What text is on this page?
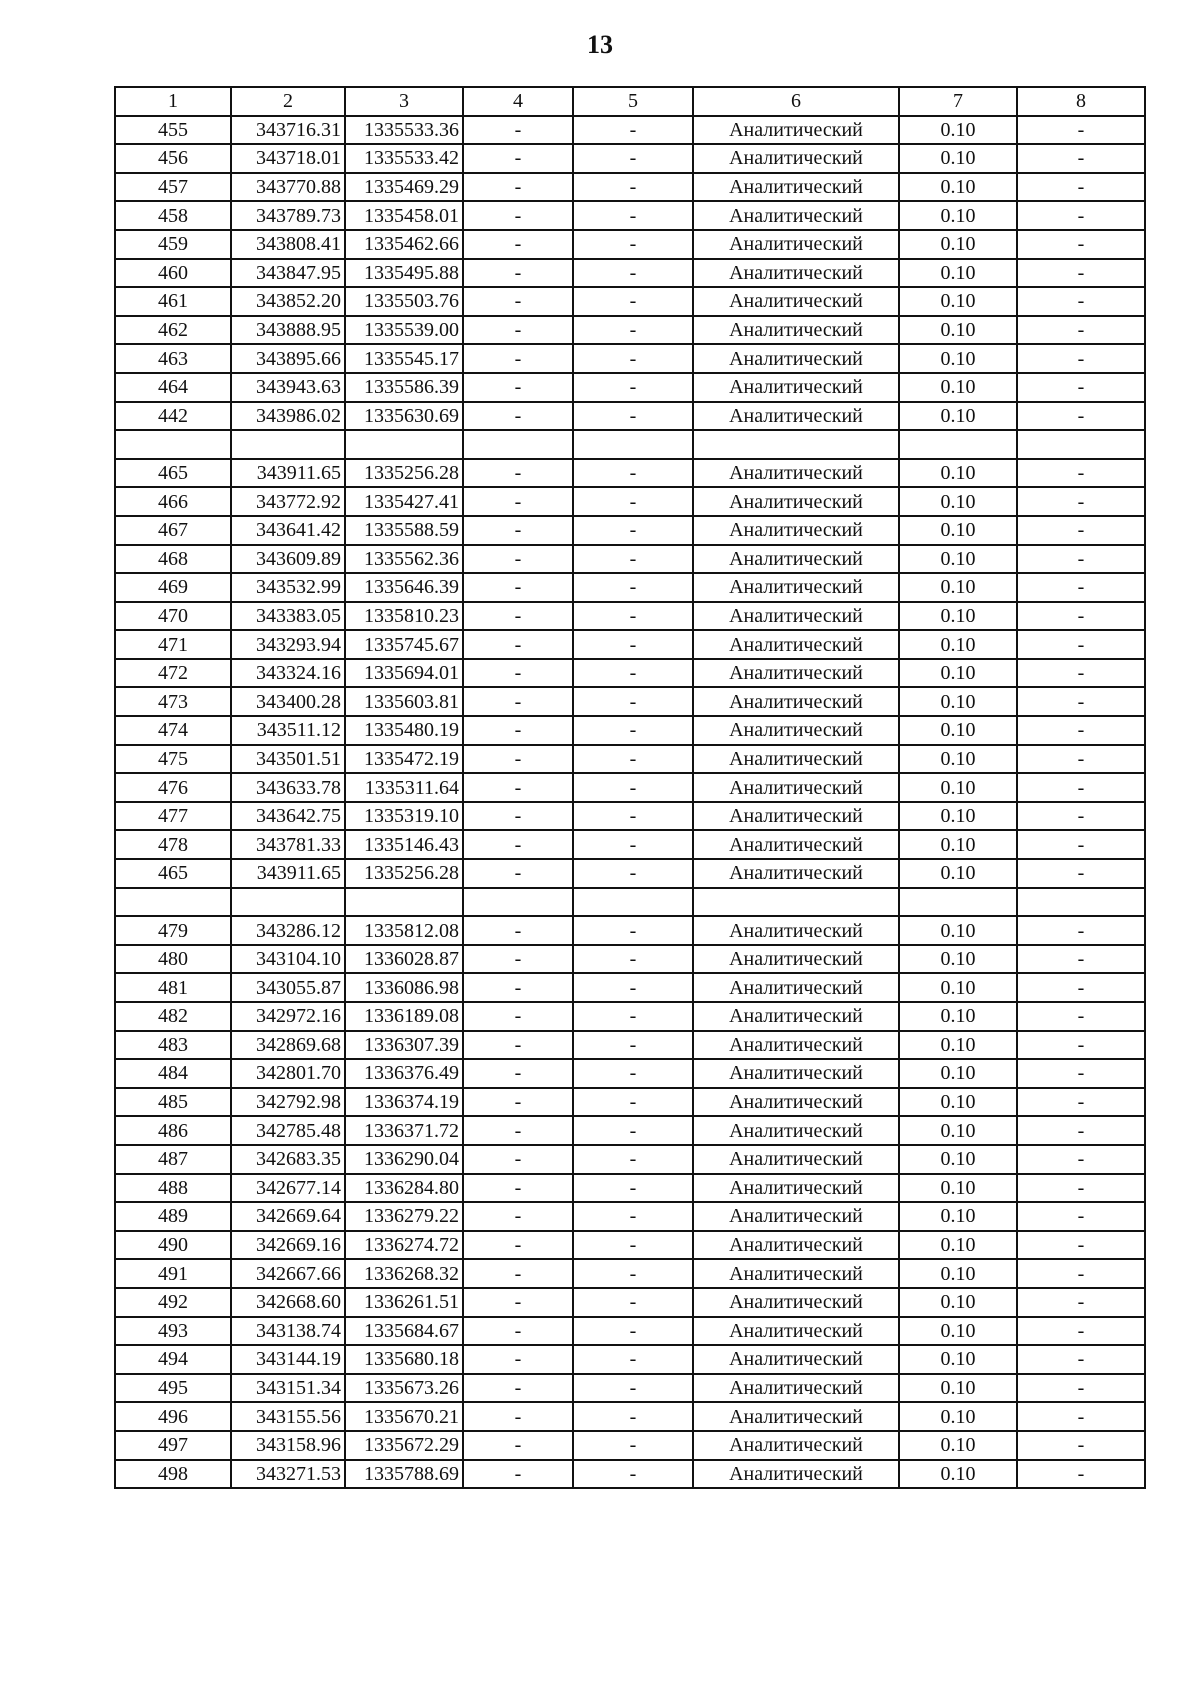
13
1	2	3	4	5	6	7	8
455	343716.31	1335533.36	-	-	Аналитический	0.10	-
456	343718.01	1335533.42	-	-	Аналитический	0.10	-
457	343770.88	1335469.29	-	-	Аналитический	0.10	-
458	343789.73	1335458.01	-	-	Аналитический	0.10	-
459	343808.41	1335462.66	-	-	Аналитический	0.10	-
460	343847.95	1335495.88	-	-	Аналитический	0.10	-
461	343852.20	1335503.76	-	-	Аналитический	0.10	-
462	343888.95	1335539.00	-	-	Аналитический	0.10	-
463	343895.66	1335545.17	-	-	Аналитический	0.10	-
464	343943.63	1335586.39	-	-	Аналитический	0.10	-
442	343986.02	1335630.69	-	-	Аналитический	0.10	-

465	343911.65	1335256.28	-	-	Аналитический	0.10	-
466	343772.92	1335427.41	-	-	Аналитический	0.10	-
467	343641.42	1335588.59	-	-	Аналитический	0.10	-
468	343609.89	1335562.36	-	-	Аналитический	0.10	-
469	343532.99	1335646.39	-	-	Аналитический	0.10	-
470	343383.05	1335810.23	-	-	Аналитический	0.10	-
471	343293.94	1335745.67	-	-	Аналитический	0.10	-
472	343324.16	1335694.01	-	-	Аналитический	0.10	-
473	343400.28	1335603.81	-	-	Аналитический	0.10	-
474	343511.12	1335480.19	-	-	Аналитический	0.10	-
475	343501.51	1335472.19	-	-	Аналитический	0.10	-
476	343633.78	1335311.64	-	-	Аналитический	0.10	-
477	343642.75	1335319.10	-	-	Аналитический	0.10	-
478	343781.33	1335146.43	-	-	Аналитический	0.10	-
465	343911.65	1335256.28	-	-	Аналитический	0.10	-

479	343286.12	1335812.08	-	-	Аналитический	0.10	-
480	343104.10	1336028.87	-	-	Аналитический	0.10	-
481	343055.87	1336086.98	-	-	Аналитический	0.10	-
482	342972.16	1336189.08	-	-	Аналитический	0.10	-
483	342869.68	1336307.39	-	-	Аналитический	0.10	-
484	342801.70	1336376.49	-	-	Аналитический	0.10	-
485	342792.98	1336374.19	-	-	Аналитический	0.10	-
486	342785.48	1336371.72	-	-	Аналитический	0.10	-
487	342683.35	1336290.04	-	-	Аналитический	0.10	-
488	342677.14	1336284.80	-	-	Аналитический	0.10	-
489	342669.64	1336279.22	-	-	Аналитический	0.10	-
490	342669.16	1336274.72	-	-	Аналитический	0.10	-
491	342667.66	1336268.32	-	-	Аналитический	0.10	-
492	342668.60	1336261.51	-	-	Аналитический	0.10	-
493	343138.74	1335684.67	-	-	Аналитический	0.10	-
494	343144.19	1335680.18	-	-	Аналитический	0.10	-
495	343151.34	1335673.26	-	-	Аналитический	0.10	-
496	343155.56	1335670.21	-	-	Аналитический	0.10	-
497	343158.96	1335672.29	-	-	Аналитический	0.10	-
498	343271.53	1335788.69	-	-	Аналитический	0.10	-
